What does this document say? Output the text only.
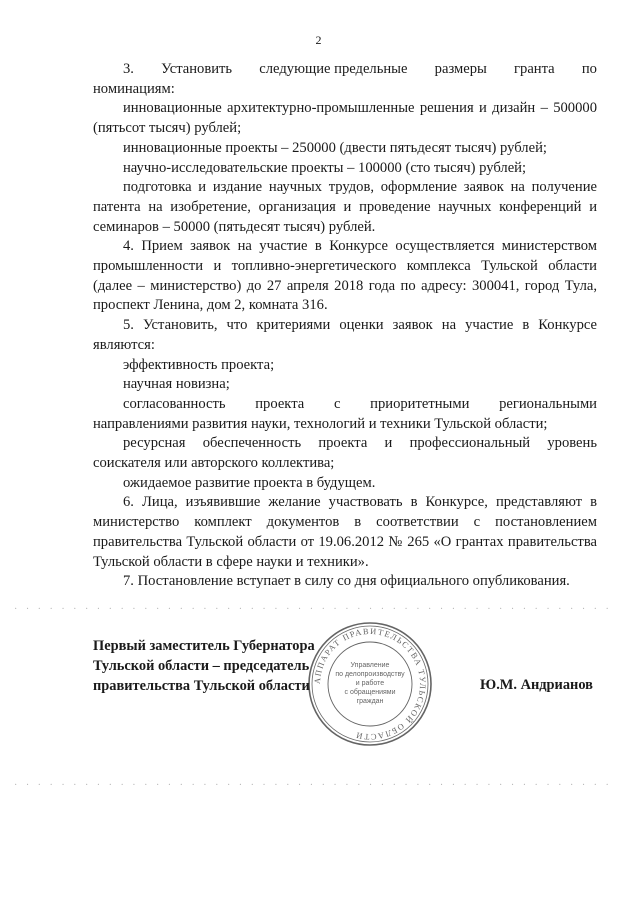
2

3. Установить следующие предельные размеры гранта по

номинациям:

инновационные архитектурно-промышленные решения и дизайн – 500000 (пятьсот тысяч) рублей;

инновационные проекты – 250000 (двести пятьдесят тысяч) рублей;

научно-исследовательские проекты – 100000 (сто тысяч) рублей;

подготовка и издание научных трудов, оформление заявок на получение патента на изобретение, организация и проведение научных конференций и семинаров – 50000 (пятьдесят тысяч) рублей.

4. Прием заявок на участие в Конкурсе осуществляется министерством промышленности и топливно-энергетического комплекса Тульской области (далее – министерство) до 27 апреля 2018 года по адресу: 300041, город Тула, проспект Ленина, дом 2, комната 316.

5. Установить, что критериями оценки заявок на участие в Конкурсе являются:

эффективность проекта;

научная новизна;

согласованность проекта с приоритетными региональными

направлениями развития науки, технологий и техники Тульской области;

ресурсная обеспеченность проекта и профессиональный уровень соискателя или авторского коллектива;

ожидаемое развитие проекта в будущем.

6. Лица, изъявившие желание участвовать в Конкурсе, представляют в министерство комплект документов в соответствии с постановлением правительства Тульской области от 19.06.2012 № 265 «О грантах правительства Тульской области в сфере науки и техники».

7. Постановление вступает в силу со дня официального опубликования.

· · · · · · · · · · · · · · · · · · · · · · · · · · · · · · · · · · · · · · · · · · · · · · · · · · ·
· · · · · · · · · · · · · · · · · · · · · · · · · · · · · · · · · · · · · · · · · · · · · · · · · · ·
АППАРАТ ПРАВИТЕЛЬСТВА ТУЛЬСКОЙ ОБЛАСТИ
Управление
по делопроизводству
и работе
с обращениями
граждан
Первый заместитель Губернатора
Тульской области – председатель
правительства Тульской области	Ю.М. Андрианов
